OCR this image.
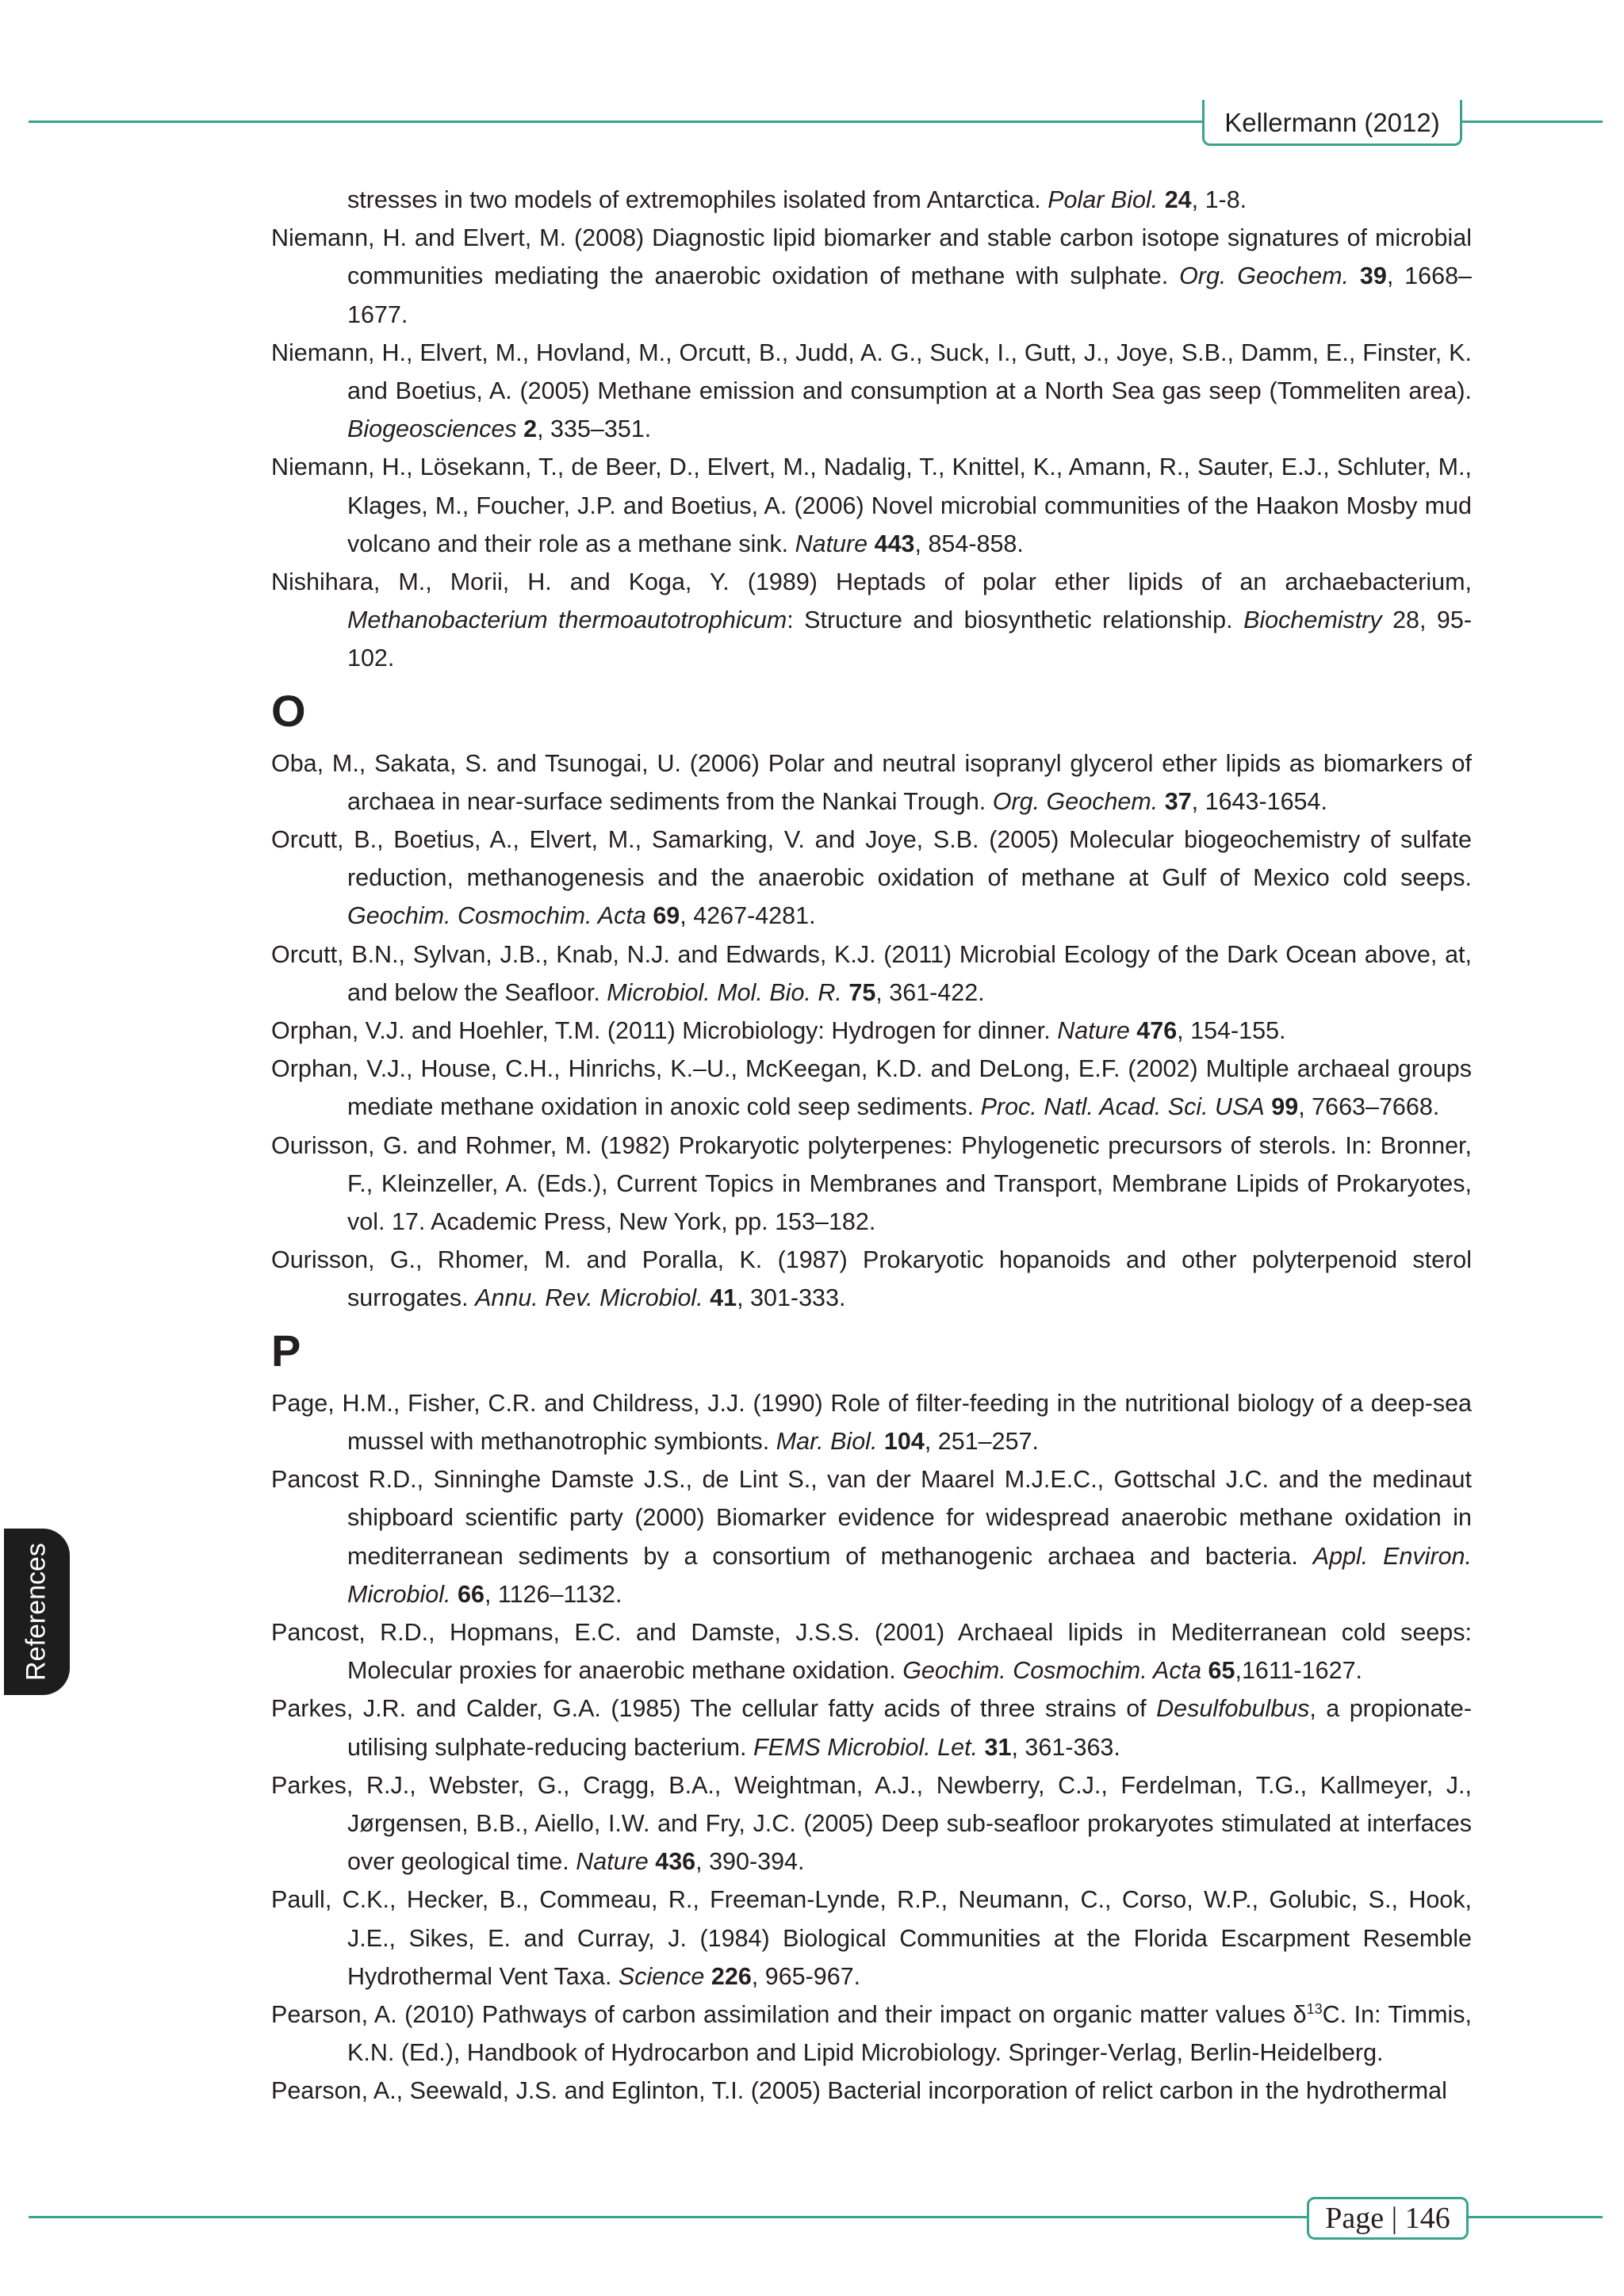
Kellermann (2012)
References

stresses in two models of extremophiles isolated from Antarctica. Polar Biol. 24, 1-8.

Niemann, H. and Elvert, M. (2008) Diagnostic lipid biomarker and stable carbon isotope signatures of microbial communities mediating the anaerobic oxidation of methane with sulphate. Org. Geochem. 39, 1668–1677.

Niemann, H., Elvert, M., Hovland, M., Orcutt, B., Judd, A. G., Suck, I., Gutt, J., Joye, S.B., Damm, E., Finster, K. and Boetius, A. (2005) Methane emission and consumption at a North Sea gas seep (Tommeliten area). Biogeosciences 2, 335–351.

Niemann, H., Lösekann, T., de Beer, D., Elvert, M., Nadalig, T., Knittel, K., Amann, R., Sauter, E.J., Schluter, M., Klages, M., Foucher, J.P. and Boetius, A. (2006) Novel microbial communities of the Haakon Mosby mud volcano and their role as a methane sink. Nature 443, 854-858.

Nishihara, M., Morii, H. and Koga, Y. (1989) Heptads of polar ether lipids of an archaebacterium, Methanobacterium thermoautotrophicum: Structure and biosynthetic relationship. Biochemistry 28, 95-102.

O

Oba, M., Sakata, S. and Tsunogai, U. (2006) Polar and neutral isopranyl glycerol ether lipids as biomarkers of archaea in near-surface sediments from the Nankai Trough. Org. Geochem. 37, 1643-1654.

Orcutt, B., Boetius, A., Elvert, M., Samarking, V. and Joye, S.B. (2005) Molecular biogeochemistry of sulfate reduction, methanogenesis and the anaerobic oxidation of methane at Gulf of Mexico cold seeps. Geochim. Cosmochim. Acta 69, 4267-4281.

Orcutt, B.N., Sylvan, J.B., Knab, N.J. and Edwards, K.J. (2011) Microbial Ecology of the Dark Ocean above, at, and below the Seafloor. Microbiol. Mol. Bio. R. 75, 361-422.

Orphan, V.J. and Hoehler, T.M. (2011) Microbiology: Hydrogen for dinner. Nature 476, 154-155.

Orphan, V.J., House, C.H., Hinrichs, K.–U., McKeegan, K.D. and DeLong, E.F. (2002) Multiple archaeal groups mediate methane oxidation in anoxic cold seep sediments. Proc. Natl. Acad. Sci. USA 99, 7663–7668.

Ourisson, G. and Rohmer, M. (1982) Prokaryotic polyterpenes: Phylogenetic precursors of sterols. In: Bronner, F., Kleinzeller, A. (Eds.), Current Topics in Membranes and Transport, Membrane Lipids of Prokaryotes, vol. 17. Academic Press, New York, pp. 153–182.

Ourisson, G., Rhomer, M. and Poralla, K. (1987) Prokaryotic hopanoids and other polyterpenoid sterol surrogates. Annu. Rev. Microbiol. 41, 301-333.

P

Page, H.M., Fisher, C.R. and Childress, J.J. (1990) Role of filter-feeding in the nutritional biology of a deep-sea mussel with methanotrophic symbionts. Mar. Biol. 104, 251–257.

Pancost R.D., Sinninghe Damste J.S., de Lint S., van der Maarel M.J.E.C., Gottschal J.C. and the medinaut shipboard scientific party (2000) Biomarker evidence for widespread anaerobic methane oxidation in mediterranean sediments by a consortium of methanogenic archaea and bacteria. Appl. Environ. Microbiol. 66, 1126–1132.

Pancost, R.D., Hopmans, E.C. and Damste, J.S.S. (2001) Archaeal lipids in Mediterranean cold seeps: Molecular proxies for anaerobic methane oxidation. Geochim. Cosmochim. Acta 65,1611-1627.

Parkes, J.R. and Calder, G.A. (1985) The cellular fatty acids of three strains of Desulfobulbus, a propionate-utilising sulphate-reducing bacterium. FEMS Microbiol. Let. 31, 361-363.

Parkes, R.J., Webster, G., Cragg, B.A., Weightman, A.J., Newberry, C.J., Ferdelman, T.G., Kallmeyer, J., Jørgensen, B.B., Aiello, I.W. and Fry, J.C. (2005) Deep sub-seafloor prokaryotes stimulated at interfaces over geological time. Nature 436, 390-394.

Paull, C.K., Hecker, B., Commeau, R., Freeman-Lynde, R.P., Neumann, C., Corso, W.P., Golubic, S., Hook, J.E., Sikes, E. and Curray, J. (1984) Biological Communities at the Florida Escarpment Resemble Hydrothermal Vent Taxa. Science 226, 965-967.

Pearson, A. (2010) Pathways of carbon assimilation and their impact on organic matter values $\delta^{13}C$. In: Timmis, K.N. (Ed.), Handbook of Hydrocarbon and Lipid Microbiology. Springer-Verlag, Berlin-Heidelberg.

Pearson, A., Seewald, J.S. and Eglinton, T.I. (2005) Bacterial incorporation of relict carbon in the hydrothermal

Page | 146
